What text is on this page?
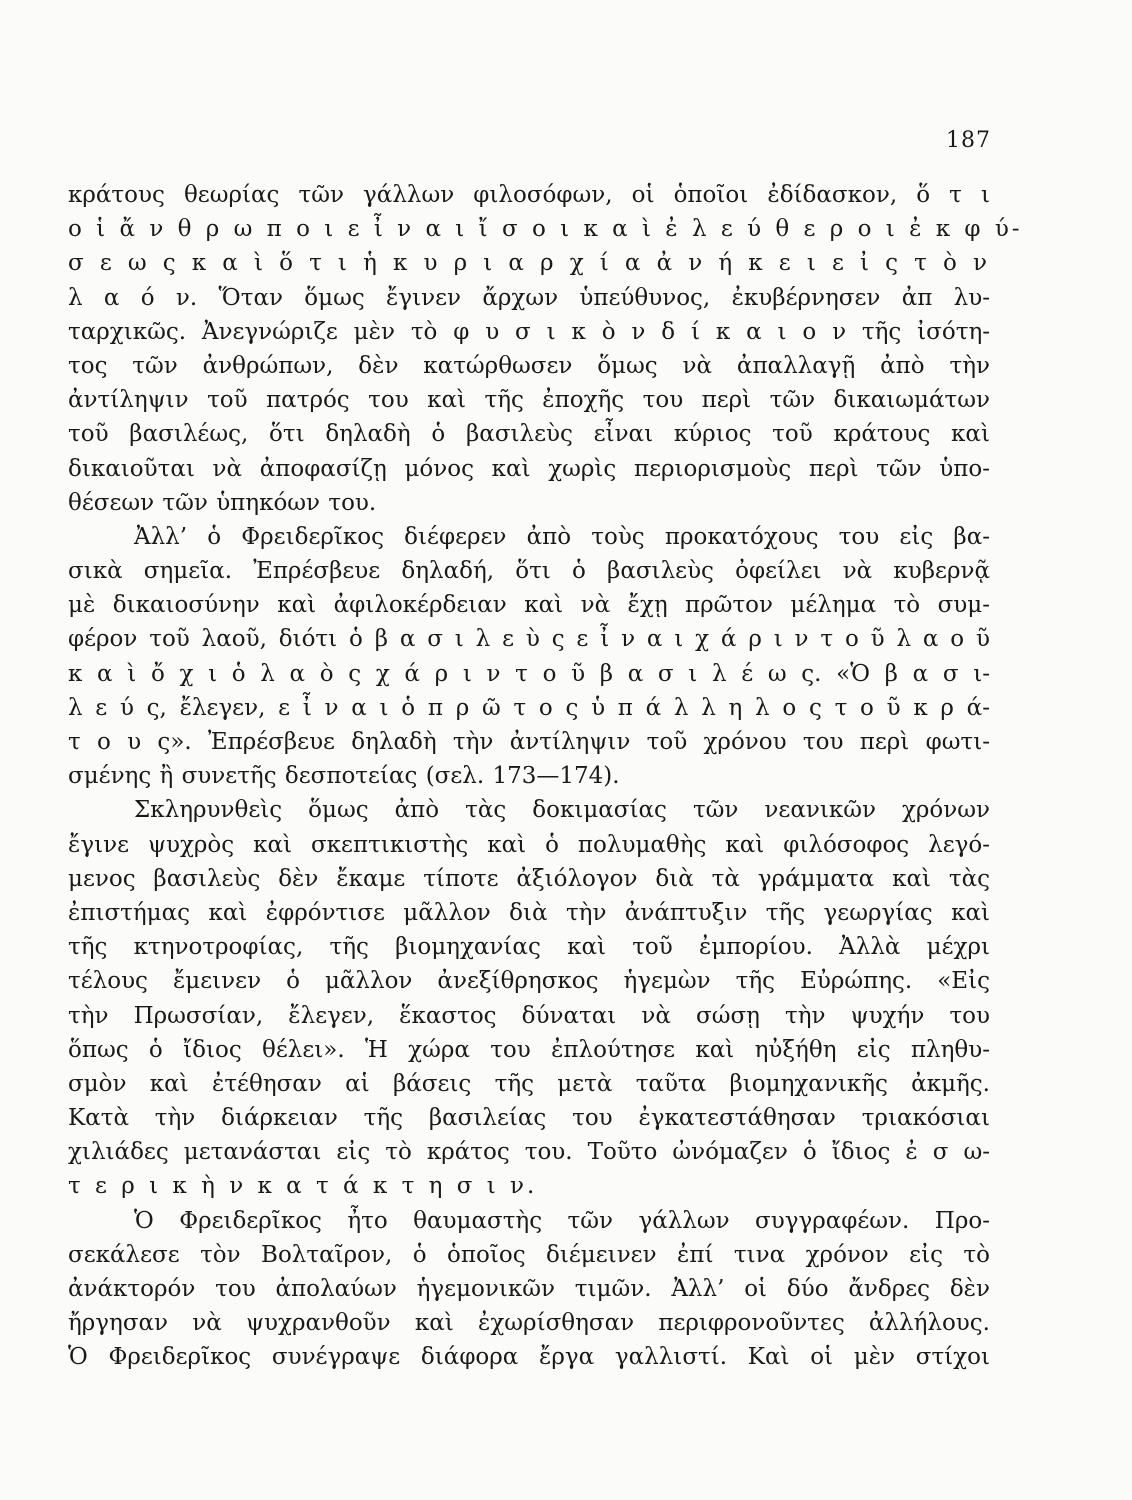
187
κράτους θεωρίας τῶν γάλλων φιλοσόφων, οἱ ὁποῖοι ἐδίδασκον, ὅ τ ι
ο ἱ ἄ ν θ ρ ω π ο ι ε ἶ ν α ι ἴ σ ο ι κ α ὶ ἐ λ ε ύ θ ε ρ ο ι ἐ κ φ ύ-
σ ε ω ς κ α ὶ ὅ τ ι ἡ κ υ ρ ι α ρ χ ί α ἀ ν ή κ ε ι ε ἰ ς τ ὸ ν
λ α ό ν. Ὅταν ὅμως ἔγινεν ἄρχων ὑπεύθυνος, ἐκυβέρνησεν ἀπ λυ-
ταρχικῶς. Ἀνεγνώριζε μὲν τὸ φ υ σ ι κ ὸ ν δ ί κ α ι ο ν τῆς ἰσότη-
τος τῶν ἀνθρώπων, δὲν κατώρθωσεν ὅμως νὰ ἀπαλλαγῇ ἀπὸ τὴν
ἀντίληψιν τοῦ πατρός του καὶ τῆς ἐποχῆς του περὶ τῶν δικαιωμάτων
τοῦ βασιλέως, ὅτι δηλαδὴ ὁ βασιλεὺς εἶναι κύριος τοῦ κράτους καὶ
δικαιοῦται νὰ ἀποφασίζῃ μόνος καὶ χωρὶς περιορισμοὺς περὶ τῶν ὑπο-
θέσεων τῶν ὑπηκόων του.
Ἀλλ’ ὁ Φρειδερῖκος διέφερεν ἀπὸ τοὺς προκατόχους του εἰς βα-
σικὰ σημεῖα. Ἐπρέσβευε δηλαδή, ὅτι ὁ βασιλεὺς ὀφείλει νὰ κυβερνᾷ
μὲ δικαιοσύνην καὶ ἀφιλοκέρδειαν καὶ νὰ ἔχῃ πρῶτον μέλημα τὸ συμ-
φέρον τοῦ λαοῦ, διότι ὁ β α σ ι λ ε ὺ ς ε ἶ ν α ι χ ά ρ ι ν τ ο ῦ λ α ο ῦ
κ α ὶ ὄ χ ι ὁ λ α ὸ ς χ ά ρ ι ν τ ο ῦ β α σ ι λ έ ω ς. «Ὁ β α σ ι-
λ ε ύ ς, ἔλεγεν, ε ἶ ν α ι ὁ π ρ ῶ τ ο ς ὑ π ά λ λ η λ ο ς τ ο ῦ κ ρ ά-
τ ο υ ς». Ἐπρέσβευε δηλαδὴ τὴν ἀντίληψιν τοῦ χρόνου του περὶ φωτι-
σμένης ἢ συνετῆς δεσποτείας (σελ. 173—174).
Σκληρυνθεὶς ὅμως ἀπὸ τὰς δοκιμασίας τῶν νεανικῶν χρόνων
ἔγινε ψυχρὸς καὶ σκεπτικιστὴς καὶ ὁ πολυμαθὴς καὶ φιλόσοφος λεγό-
μενος βασιλεὺς δὲν ἔκαμε τίποτε ἀξιόλογον διὰ τὰ γράμματα καὶ τὰς
ἐπιστήμας καὶ ἐφρόντισε μᾶλλον διὰ τὴν ἀνάπτυξιν τῆς γεωργίας καὶ
τῆς κτηνοτροφίας, τῆς βιομηχανίας καὶ τοῦ ἐμπορίου. Ἀλλὰ μέχρι
τέλους ἔμεινεν ὁ μᾶλλον ἀνεξίθρησκος ἡγεμὼν τῆς Εὐρώπης. «Εἰς
τὴν Πρωσσίαν, ἔλεγεν, ἕκαστος δύναται νὰ σώσῃ τὴν ψυχήν του
ὅπως ὁ ἴδιος θέλει». Ἡ χώρα του ἐπλούτησε καὶ ηὐξήθη εἰς πληθυ-
σμὸν καὶ ἐτέθησαν αἱ βάσεις τῆς μετὰ ταῦτα βιομηχανικῆς ἀκμῆς.
Κατὰ τὴν διάρκειαν τῆς βασιλείας του ἐγκατεστάθησαν τριακόσιαι
χιλιάδες μετανάσται εἰς τὸ κράτος του. Τοῦτο ὠνόμαζεν ὁ ἴδιος ἐ σ ω-
τ ε ρ ι κ ὴ ν κ α τ ά κ τ η σ ι ν.
Ὁ Φρειδερῖκος ἦτο θαυμαστὴς τῶν γάλλων συγγραφέων. Προ-
σεκάλεσε τὸν Βολταῖρον, ὁ ὁποῖος διέμεινεν ἐπί τινα χρόνον εἰς τὸ
ἀνάκτορόν του ἀπολαύων ἡγεμονικῶν τιμῶν. Ἀλλ’ οἱ δύο ἄνδρες δὲν
ἤργησαν νὰ ψυχρανθοῦν καὶ ἐχωρίσθησαν περιφρονοῦντες ἀλλήλους.
Ὁ Φρειδερῖκος συνέγραψε διάφορα ἔργα γαλλιστί. Καὶ οἱ μὲν στίχοι
